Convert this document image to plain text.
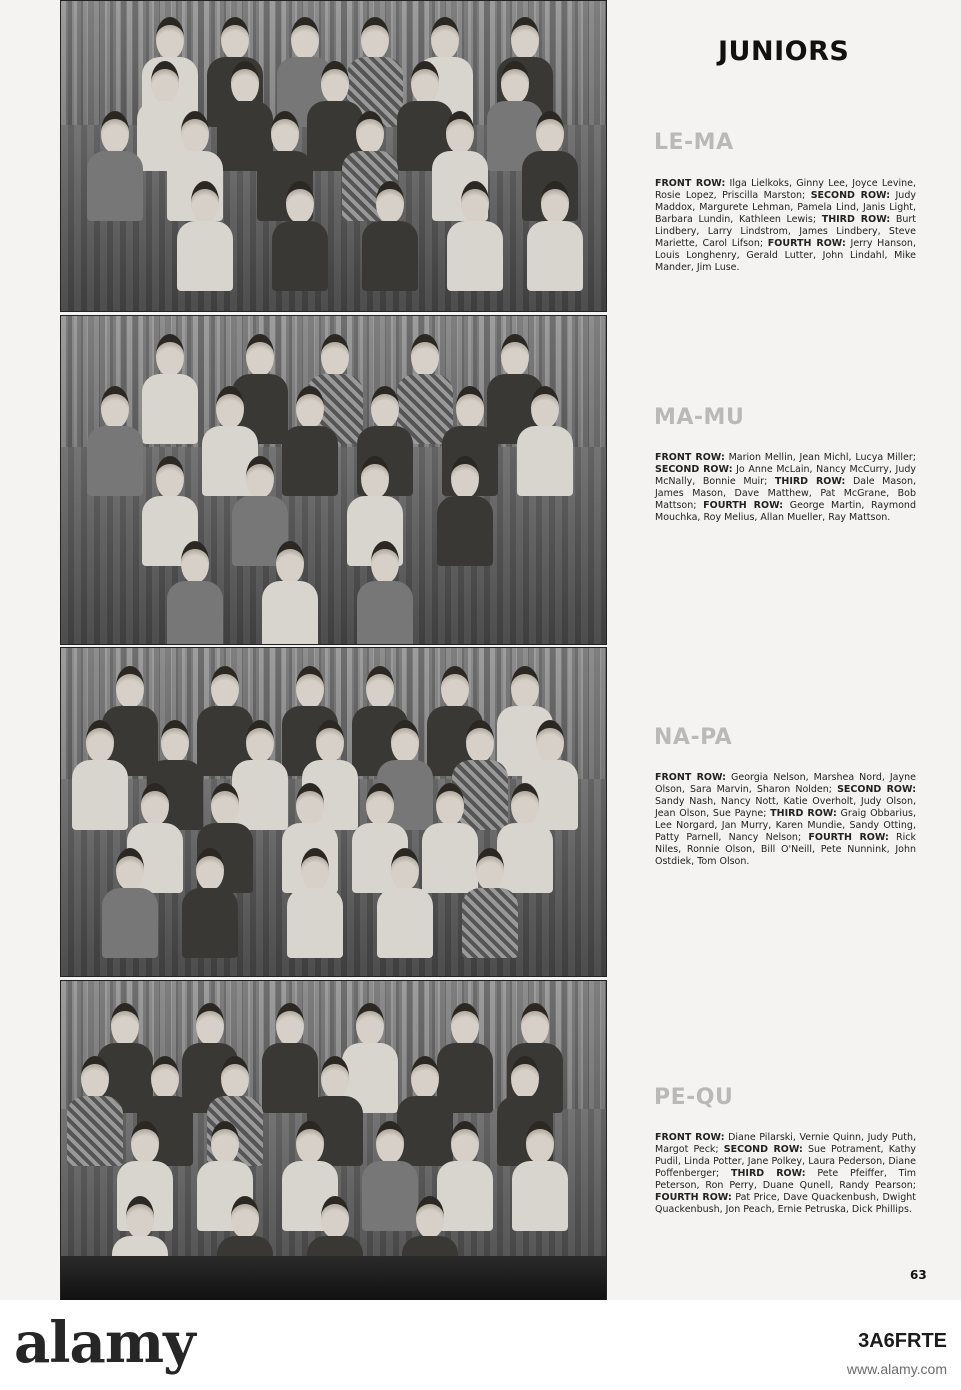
JUNIORS
LE-MA
FRONT ROW: Ilga Lielkoks, Ginny Lee, Joyce Levine, Rosie Lopez, Priscilla Marston; SECOND ROW: Judy Maddox, Margurete Lehman, Pamela Lind, Janis Light, Barbara Lundin, Kathleen Lewis; THIRD ROW: Burt Lindbery, Larry Lindstrom, James Lindbery, Steve Mariette, Carol Lifson; FOURTH ROW: Jerry Hanson, Louis Longhenry, Gerald Lutter, John Lindahl, Mike Mander, Jim Luse.
MA-MU
FRONT ROW: Marion Mellin, Jean Michl, Lucya Miller; SECOND ROW: Jo Anne McLain, Nancy McCurry, Judy McNally, Bonnie Muir; THIRD ROW: Dale Mason, James Mason, Dave Matthew, Pat McGrane, Bob Mattson; FOURTH ROW: George Martin, Raymond Mouchka, Roy Melius, Allan Mueller, Ray Mattson.
NA-PA
FRONT ROW: Georgia Nelson, Marshea Nord, Jayne Olson, Sara Marvin, Sharon Nolden; SECOND ROW: Sandy Nash, Nancy Nott, Katie Overholt, Judy Olson, Jean Olson, Sue Payne; THIRD ROW: Graig Obbarius, Lee Norgard, Jan Murry, Karen Mundie, Sandy Otting, Patty Parnell, Nancy Nelson; FOURTH ROW: Rick Niles, Ronnie Olson, Bill O'Neill, Pete Nunnink, John Ostdiek, Tom Olson.
PE-QU
FRONT ROW: Diane Pilarski, Vernie Quinn, Judy Puth, Margot Peck; SECOND ROW: Sue Potrament, Kathy Pudil, Linda Potter, Jane Polkey, Laura Pederson, Diane Poffenberger; THIRD ROW: Pete Pfeiffer, Tim Peterson, Ron Perry, Duane Qunell, Randy Pearson; FOURTH ROW: Pat Price, Dave Quackenbush, Dwight Quackenbush, Jon Peach, Ernie Petruska, Dick Phillips.
63
alamy	3A6FRTE
www.alamy.com
